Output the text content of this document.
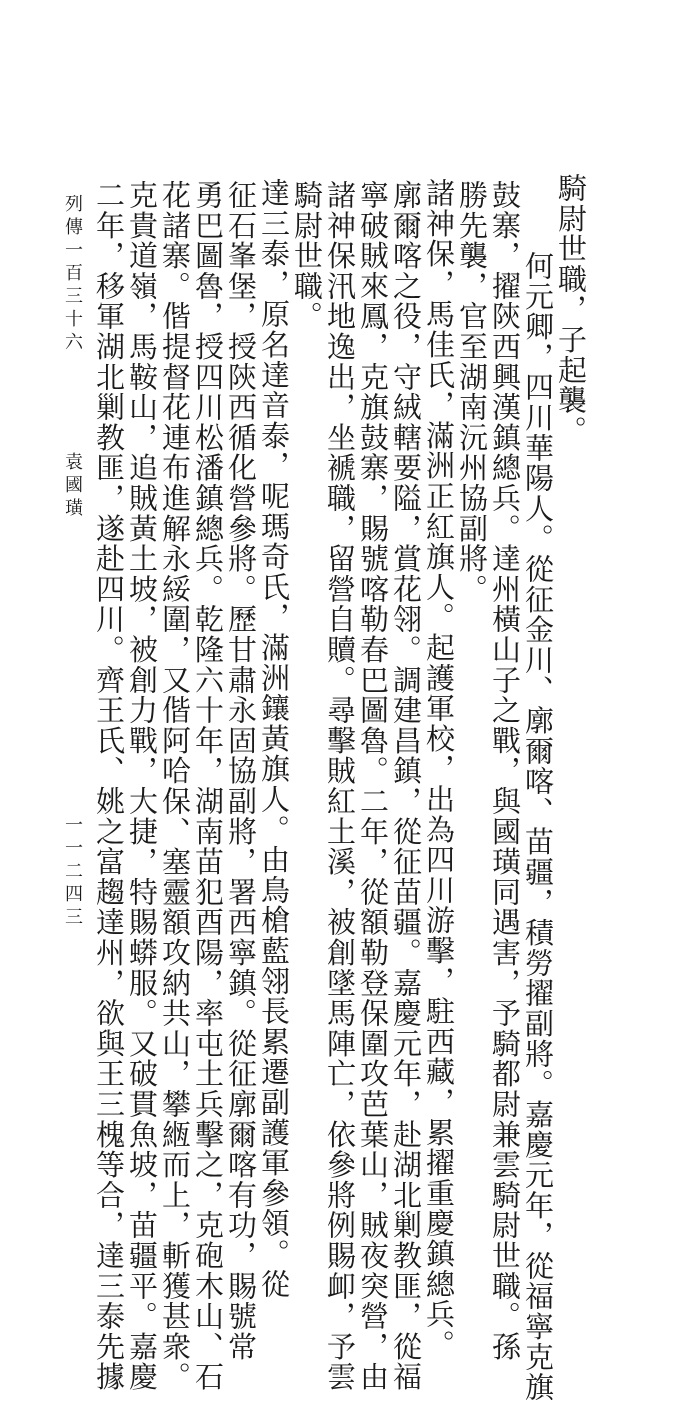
騎尉世職，子起襲。
何元卿，四川華陽人。從征金川、廓爾喀、苗疆，積勞擢副將。嘉慶元年，從福寧克旗
鼓寨，擢陝西興漢鎮總兵。達州橫山子之戰，與國璜同遇害，予騎都尉兼雲騎尉世職。孫
勝先襲，官至湖南沅州協副將。
諸神保，馬佳氏，滿洲正紅旗人。起護軍校，出為四川游擊，駐西藏，累擢重慶鎮總兵。
廓爾喀之役，守絨轄要隘，賞花翎。調建昌鎮，從征苗疆。嘉慶元年，赴湖北剿教匪，從福
寧破賊來鳳，克旗鼓寨，賜號喀勒春巴圖魯。二年，從額勒登保圍攻芭葉山，賊夜突營，由
諸神保汛地逸出，坐褫職，留營自贖。尋擊賊紅土溪，被創墜馬陣亡，依參將例賜卹，予雲
騎尉世職。
達三泰，原名達音泰，呢瑪奇氏，滿洲鑲黃旗人。由鳥槍藍翎長累遷副護軍參領。從
征石峯堡，授陝西循化營參將。歷甘肅永固協副將，署西寧鎮。從征廓爾喀有功，賜號常
勇巴圖魯，授四川松潘鎮總兵。乾隆六十年，湖南苗犯酉陽，率屯土兵擊之，克砲木山、石
花諸寨。偕提督花連布進解永綏圍，又偕阿哈保、塞靈額攻納共山，攀緪而上，斬獲甚衆。
克貴道嶺，馬鞍山，追賊黃土坡，被創力戰，大捷，特賜蟒服。又破貫魚坡，苗疆平。嘉慶
二年，移軍湖北剿教匪，遂赴四川。齊王氏、姚之富趨達州，欲與王三槐等合，達三泰先據
列傳一百三十六
袁國璜
一一二四三
